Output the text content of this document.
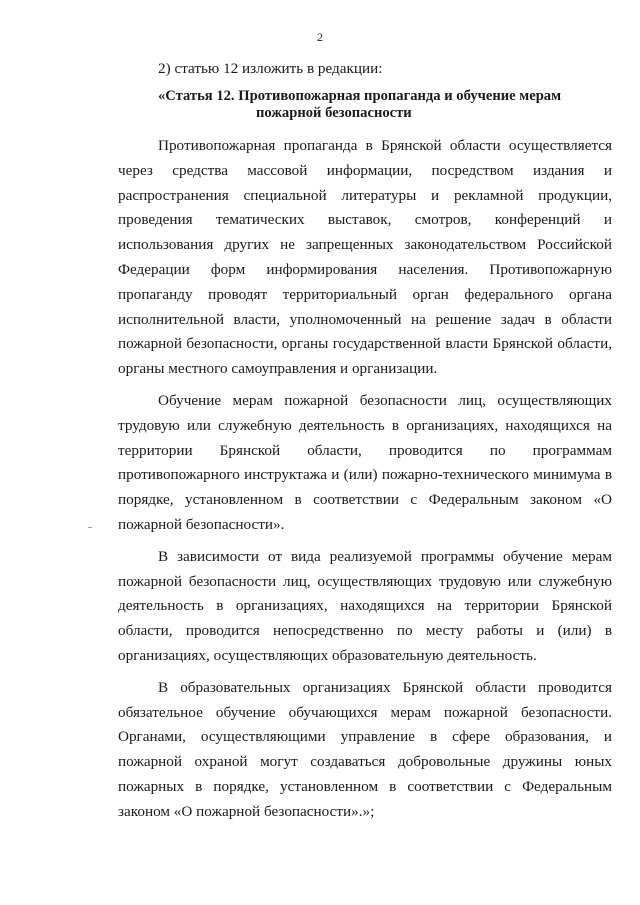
2

2) статью 12 изложить в редакции:

«Статья 12. Противопожарная пропаганда и обучение мерам
пожарной безопасности

Противопожарная пропаганда в Брянской области осуществляется через средства массовой информации, посредством издания и распространения специальной литературы и рекламной продукции, проведения тематических выставок, смотров, конференций и использования других не запрещенных законодательством Российской Федерации форм информирования населения. Противопожарную пропаганду проводят территориальный орган федерального органа исполнительной власти, уполномоченный на решение задач в области пожарной безопасности, органы государственной власти Брянской области, органы местного самоуправления и организации.

Обучение мерам пожарной безопасности лиц, осуществляющих трудовую или служебную деятельность в организациях, находящихся на территории Брянской области, проводится по программам противопожарного инструктажа и (или) пожарно-технического минимума в порядке, установленном в соответствии с Федеральным законом «О пожарной безопасности».

В зависимости от вида реализуемой программы обучение мерам пожарной безопасности лиц, осуществляющих трудовую или служебную деятельность в организациях, находящихся на территории Брянской области, проводится непосредственно по месту работы и (или) в организациях, осуществляющих образовательную деятельность.

В образовательных организациях Брянской области проводится обязательное обучение обучающихся мерам пожарной безопасности. Органами, осуществляющими управление в сфере образования, и пожарной охраной могут создаваться добровольные дружины юных пожарных в порядке, установленном в соответствии с Федеральным законом «О пожарной безопасности».»;
